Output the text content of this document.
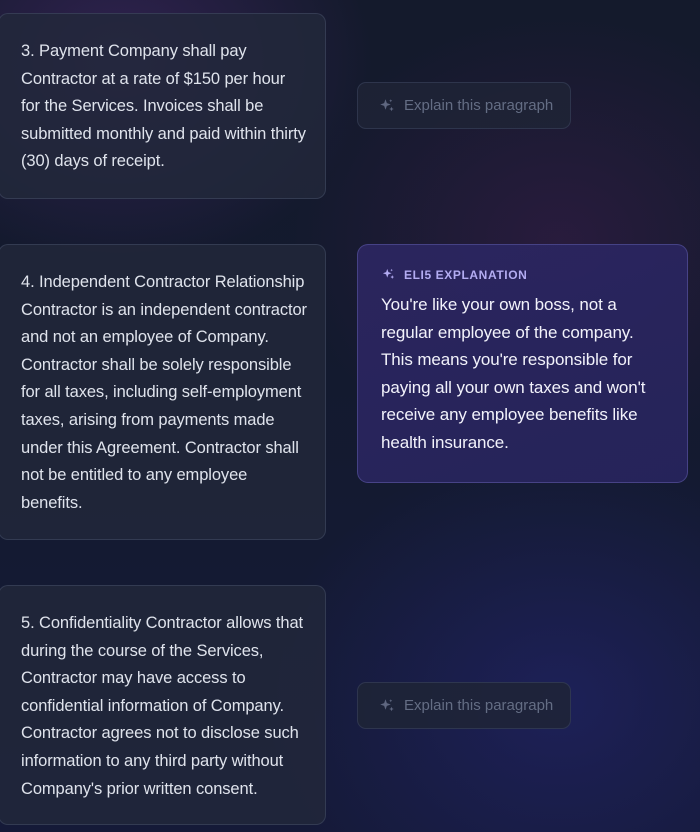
3. Payment Company shall pay Contractor at a rate of $150 per hour for the Services. Invoices shall be submitted monthly and paid within thirty (30) days of receipt.

Explain this paragraph

4. Independent Contractor Relationship Contractor is an independent contractor and not an employee of Company. Contractor shall be solely responsible for all taxes, including self-employment taxes, arising from payments made under this Agreement. Contractor shall not be entitled to any employee benefits.

ELI5 EXPLANATION

You're like your own boss, not a regular employee of the company. This means you're responsible for paying all your own taxes and won't receive any employee benefits like health insurance.

5. Confidentiality Contractor allows that during the course of the Services, Contractor may have access to confidential information of Company. Contractor agrees not to disclose such information to any third party without Company's prior written consent.

Explain this paragraph
